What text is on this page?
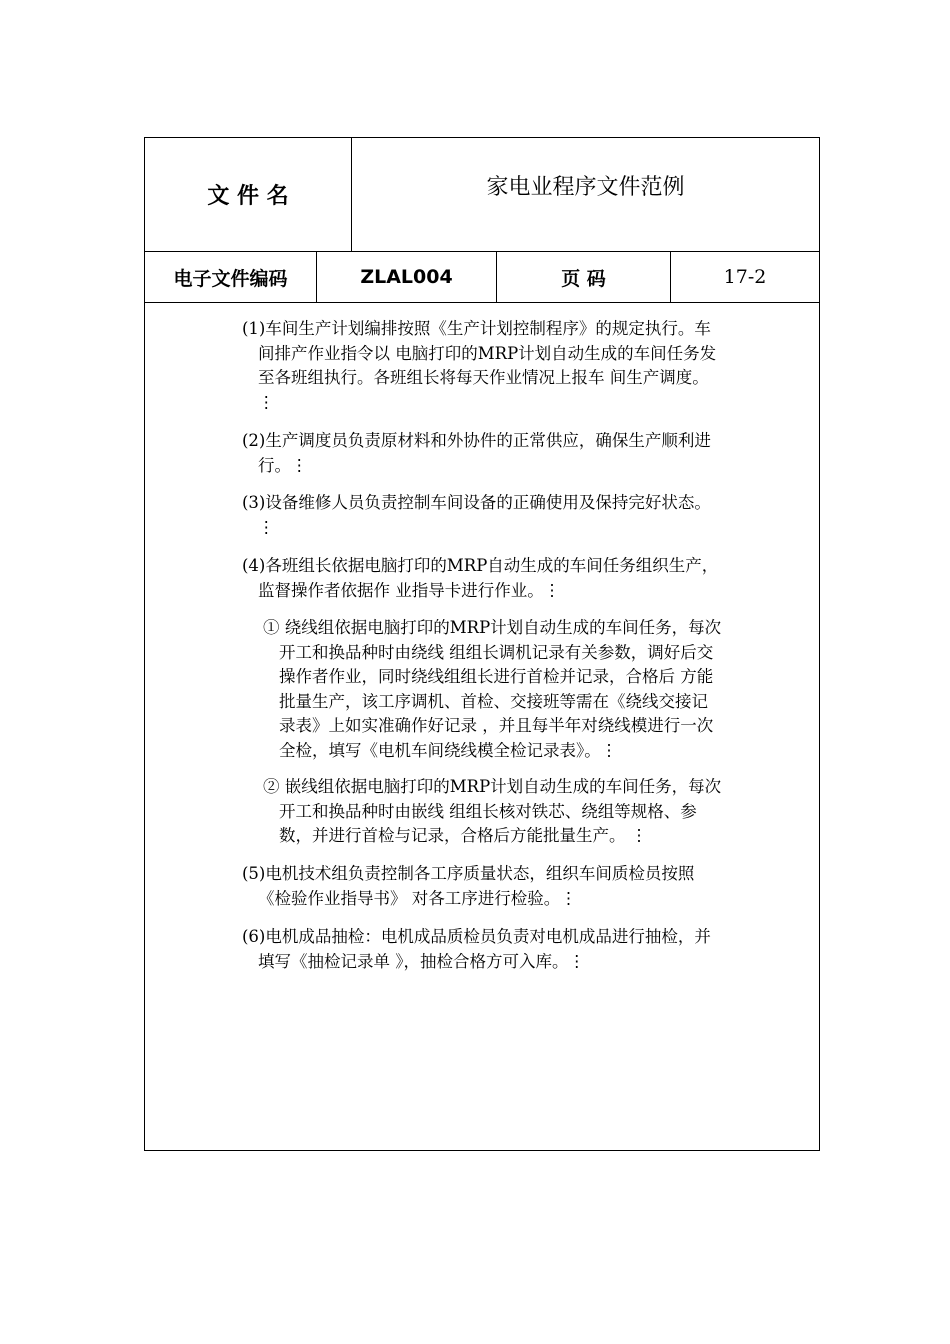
文 件 名	家电业程序文件范例
电子文件编码	ZLAL004	页 码	17-2
(1)车间生产计划编排按照《生产计划控制程序》的规定执行。车
间排产作业指令以 电脑打印的MRP计划自动生成的车间任务发
至各班组执行。各班组长将每天作业情况上报车 间生产调度。
⋮
(2)生产调度员负责原材料和外协件的正常供应，确保生产顺利进
行。⋮
(3)设备维修人员负责控制车间设备的正确使用及保持完好状态。
⋮
(4)各班组长依据电脑打印的MRP自动生成的车间任务组织生产，
监督操作者依据作 业指导卡进行作业。⋮
① 绕线组依据电脑打印的MRP计划自动生成的车间任务，每次
开工和换品种时由绕线 组组长调机记录有关参数，调好后交
操作者作业，同时绕线组组长进行首检并记录，合格后 方能
批量生产，该工序调机、首检、交接班等需在《绕线交接记
录表》上如实准确作好记录 ，并且每半年对绕线模进行一次
全检，填写《电机车间绕线模全检记录表》。⋮
② 嵌线组依据电脑打印的MRP计划自动生成的车间任务，每次
开工和换品种时由嵌线 组组长核对铁芯、绕组等规格、参
数，并进行首检与记录，合格后方能批量生产。 ⋮
(5)电机技术组负责控制各工序质量状态，组织车间质检员按照
《检验作业指导书》 对各工序进行检验。⋮
(6)电机成品抽检：电机成品质检员负责对电机成品进行抽检，并
填写《抽检记录单 》，抽检合格方可入库。⋮
